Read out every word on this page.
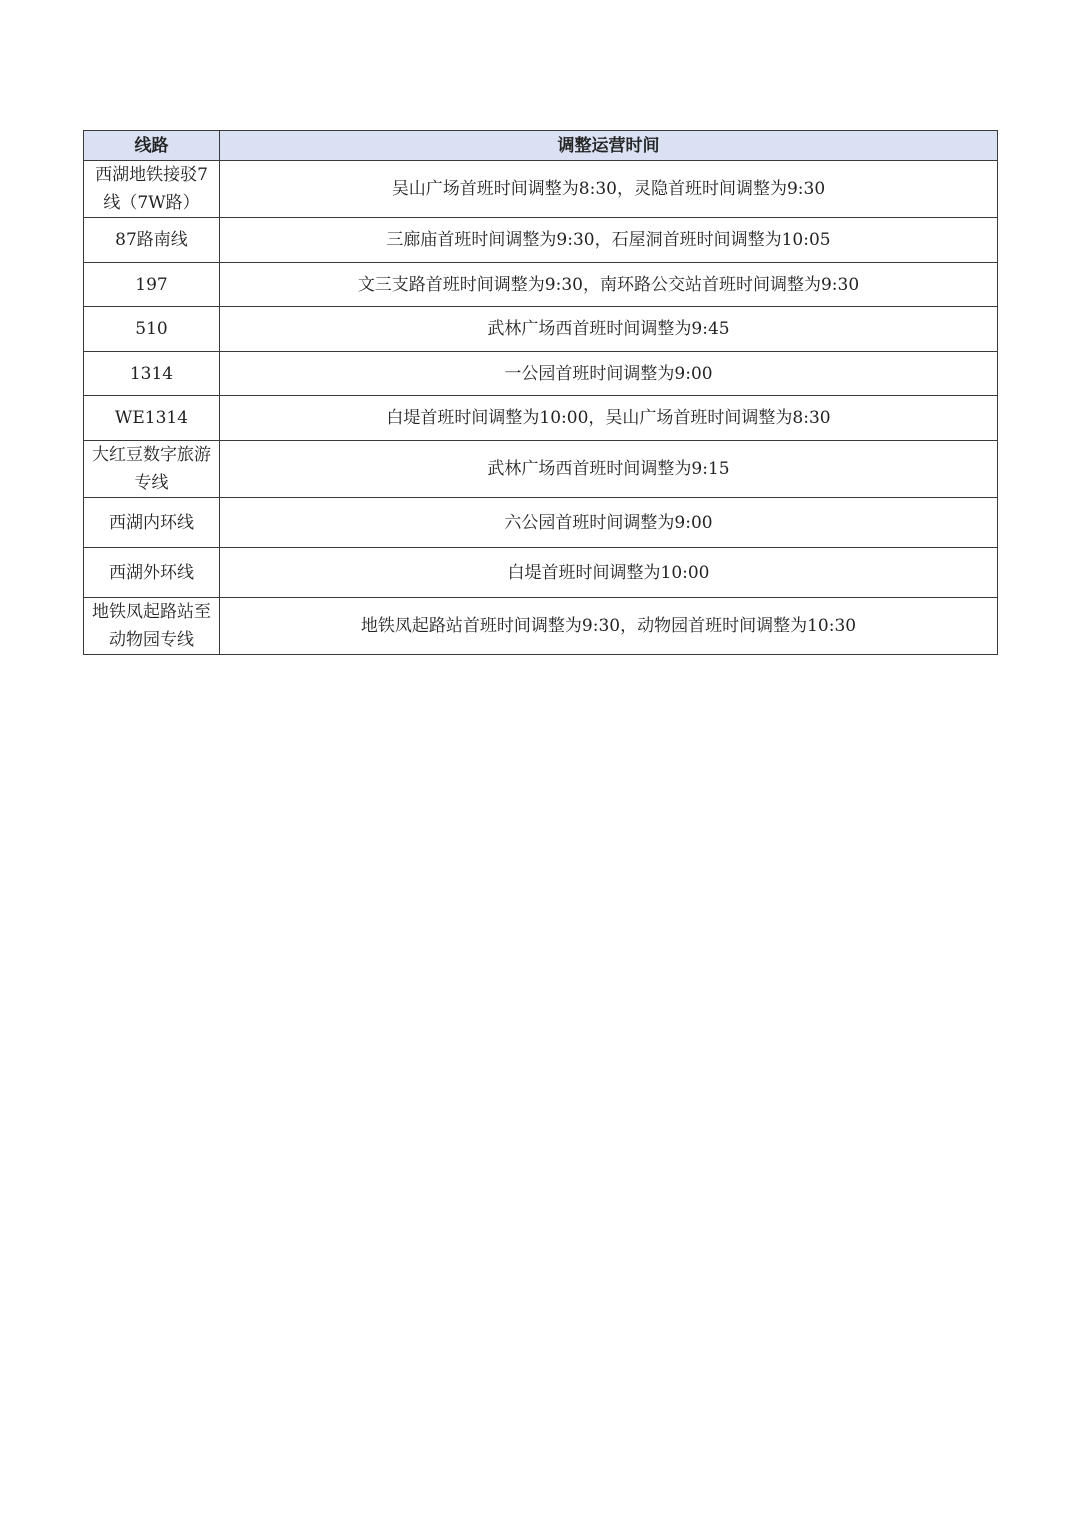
线路	调整运营时间
西湖地铁接驳7线（7W路）	吴山广场首班时间调整为8:30，灵隐首班时间调整为9:30
87路南线	三廊庙首班时间调整为9:30，石屋洞首班时间调整为10:05
197	文三支路首班时间调整为9:30，南环路公交站首班时间调整为9:30
510	武林广场西首班时间调整为9:45
1314	一公园首班时间调整为9:00
WE1314	白堤首班时间调整为10:00，吴山广场首班时间调整为8:30
大红豆数字旅游专线	武林广场西首班时间调整为9:15
西湖内环线	六公园首班时间调整为9:00
西湖外环线	白堤首班时间调整为10:00
地铁凤起路站至动物园专线	地铁凤起路站首班时间调整为9:30，动物园首班时间调整为10:30
